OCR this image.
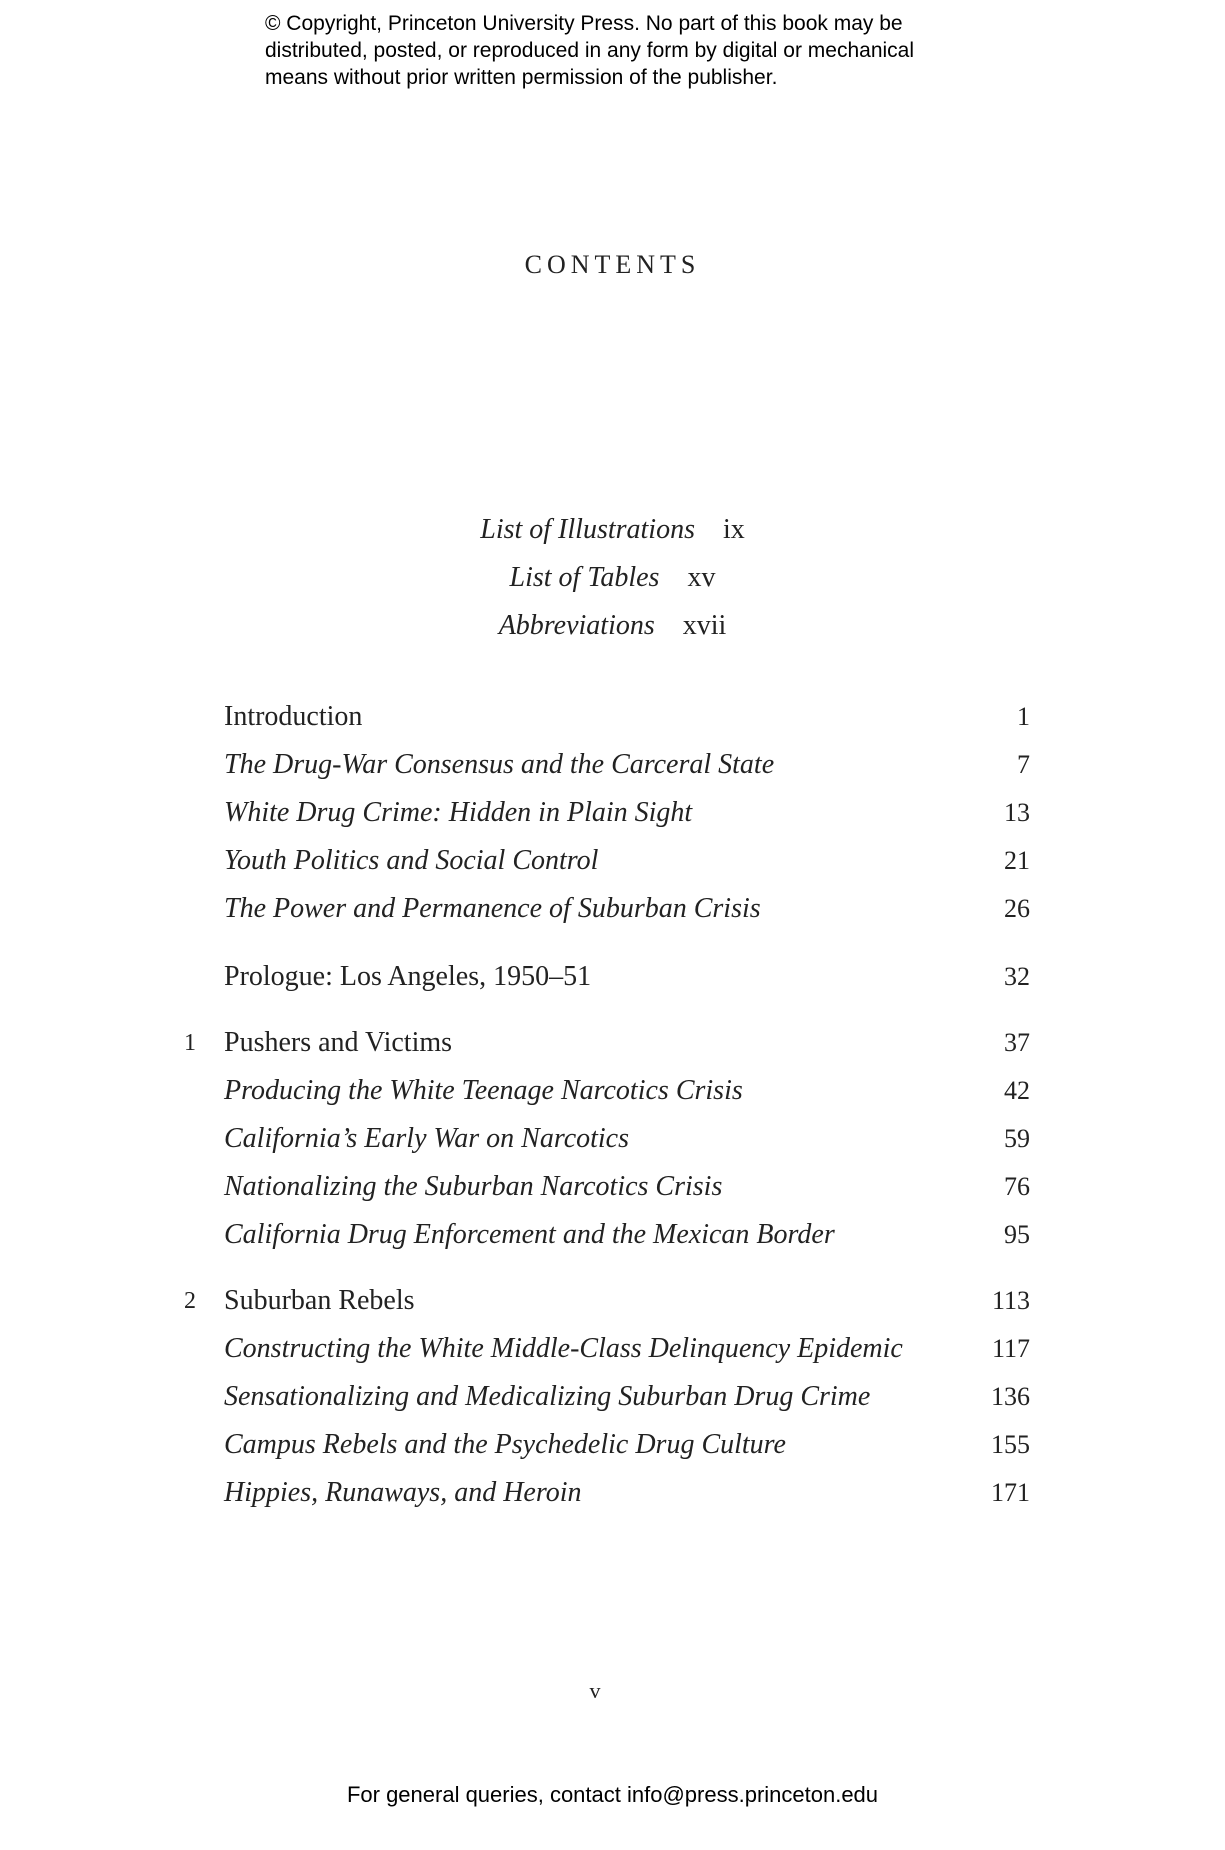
© Copyright, Princeton University Press. No part of this book may be
distributed, posted, or reproduced in any form by digital or mechanical
means without prior written permission of the publisher.
CONTENTS
List of Illustrations ix
List of Tables xv
Abbreviations xvii
Introduction	1
The Drug-War Consensus and the Carceral State	7
White Drug Crime: Hidden in Plain Sight	13
Youth Politics and Social Control	21
The Power and Permanence of Suburban Crisis	26
Prologue: Los Angeles, 1950–51	32
1 Pushers and Victims	37
Producing the White Teenage Narcotics Crisis	42
California’s Early War on Narcotics	59
Nationalizing the Suburban Narcotics Crisis	76
California Drug Enforcement and the Mexican Border	95
2 Suburban Rebels	113
Constructing the White Middle-Class Delinquency Epidemic	117
Sensationalizing and Medicalizing Suburban Drug Crime	136
Campus Rebels and the Psychedelic Drug Culture	155
Hippies, Runaways, and Heroin	171
v
For general queries, contact info@press.princeton.edu
